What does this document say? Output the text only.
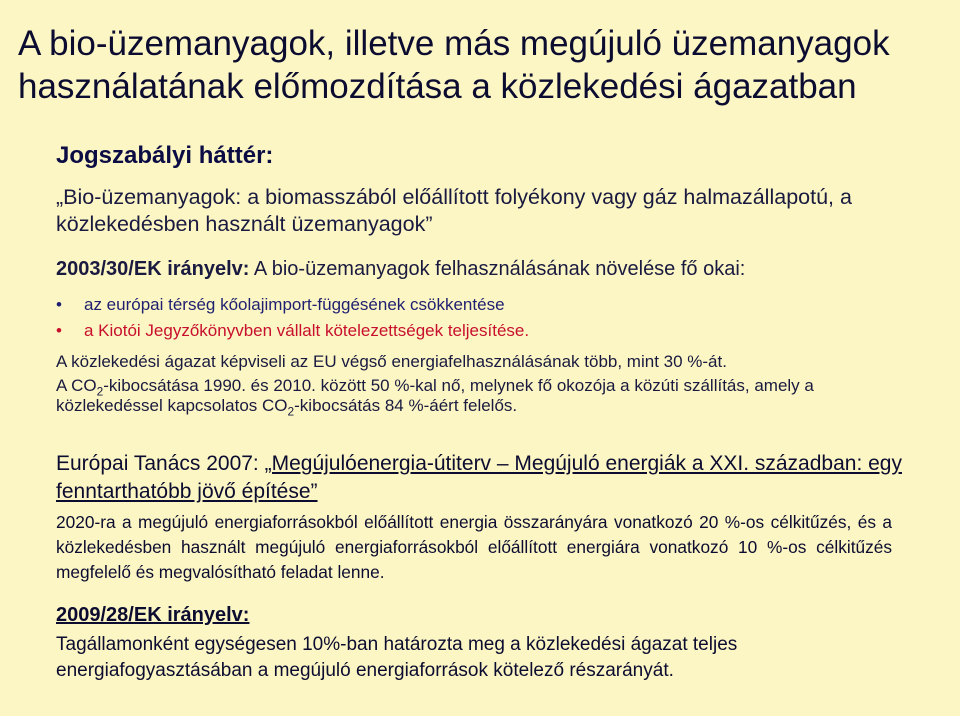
A bio-üzemanyagok, illetve más megújuló üzemanyagok használatának előmozdítása a közlekedési ágazatban
Jogszabályi háttér:
„Bio-üzemanyagok: a biomasszából előállított folyékony vagy gáz halmazállapotú, a közlekedésben használt üzemanyagok”
2003/30/EK irányelv: A bio-üzemanyagok felhasználásának növelése fő okai:
• az európai térség kőolajimport-függésének csökkentése
• a Kiotói Jegyzőkönyvben vállalt kötelezettségek teljesítése.
A közlekedési ágazat képviseli az EU végső energiafelhasználásának több, mint 30 %-át.
A $CO_2$-kibocsátása 1990. és 2010. között 50 %-kal nő, melynek fő okozója a közúti szállítás, amely a közlekedéssel kapcsolatos $CO_2$-kibocsátás 84 %-áért felelős.
Európai Tanács 2007: „Megújulóenergia-útiterv – Megújuló energiák a XXI. században: egy fenntarthatóbb jövő építése”
2020-ra a megújuló energiaforrásokból előállított energia összarányára vonatkozó 20 %-os célkitűzés, és a közlekedésben használt megújuló energiaforrásokból előállított energiára vonatkozó 10 %-os célkitűzés megfelelő és megvalósítható feladat lenne.
2009/28/EK irányelv:
Tagállamonként egységesen 10%-ban határozta meg a közlekedési ágazat teljes energiafogyasztásában a megújuló energiaforrások kötelező részarányát.
